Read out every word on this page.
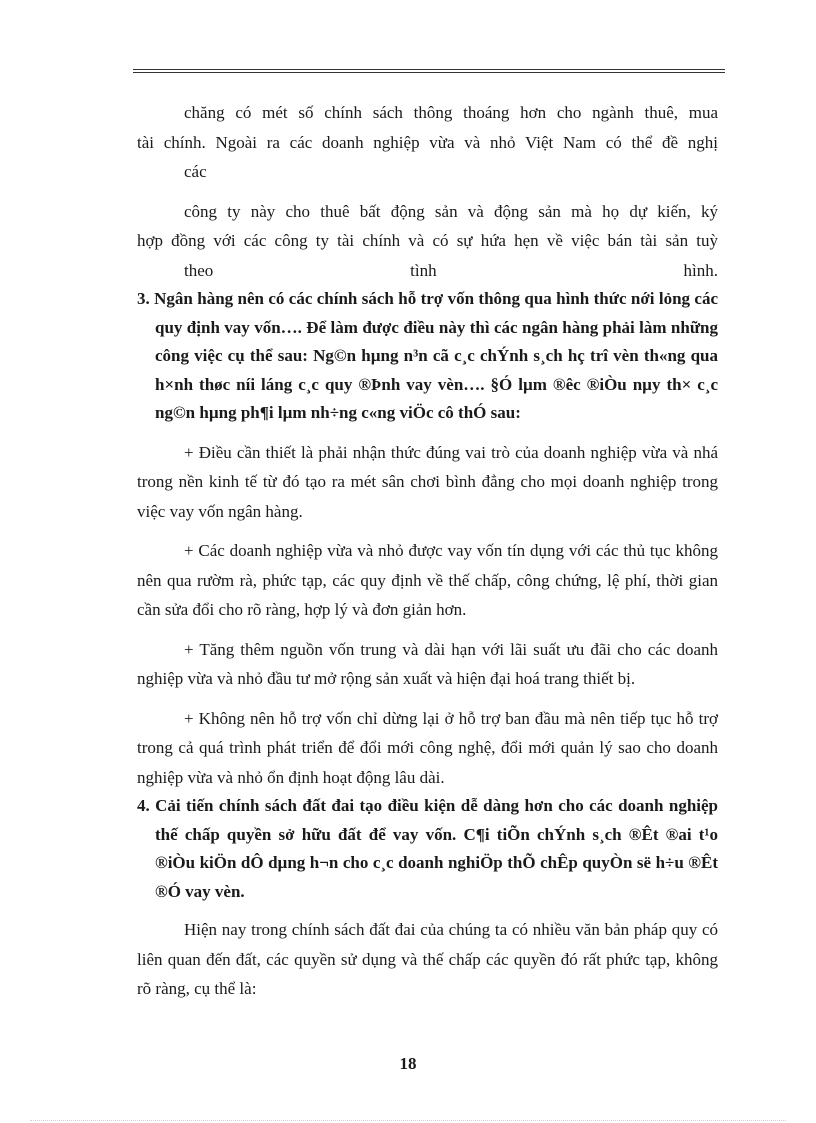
chăng có mét số chính sách thông thoáng hơn cho ngành thuê, mua
tài chính. Ngoài ra các doanh nghiệp vừa và nhỏ Việt Nam có thể đề nghị
các

công ty này cho thuê bất động sản và động sản mà họ dự kiến, ký
hợp đồng với các công ty tài chính và có sự hứa hẹn về việc bán tài sản tuỳ
theo	tình	hình.

3. Ngân hàng nên có các chính sách hỗ trợ vốn thông qua hình thức nới lỏng các quy định vay vốn…. Để làm được điều này thì các ngân hàng phải làm những công việc cụ thể sau: Ng©n hµng n³n cã c¸c chÝnh s¸ch hç trî vèn th«ng qua h×nh thøc níi láng c¸c quy ®Þnh vay vèn…. §Ó lµm ®êc ®iÒu nµy th× c¸c ng©n hµng ph¶i lµm nh÷ng c«ng viÖc cô thÓ sau:

+ Điều cần thiết là phải nhận thức đúng vai trò của doanh nghiệp vừa và nhá trong nền kinh tế từ đó tạo ra mét sân chơi bình đẳng cho mọi doanh nghiệp trong việc vay vốn ngân hàng.

+ Các doanh nghiệp vừa và nhỏ được vay vốn tín dụng với các thủ tục không nên qua rườm rà, phức tạp, các quy định về thế chấp, công chứng, lệ phí, thời gian cần sửa đổi cho rõ ràng, hợp lý và đơn giản hơn.

+ Tăng thêm nguồn vốn trung và dài hạn với lãi suất ưu đãi cho các doanh nghiệp vừa và nhỏ đầu tư mở rộng sản xuất và hiện đại hoá trang thiết bị.

+ Không nên hỗ trợ vốn chỉ dừng lại ở hỗ trợ ban đầu mà nên tiếp tục hỗ trợ trong cả quá trình phát triển để đổi mới công nghệ, đổi mới quản lý sao cho doanh nghiệp vừa và nhỏ ổn định hoạt động lâu dài.

4. Cải tiến chính sách đất đai tạo điều kiện dễ dàng hơn cho các doanh nghiệp thế chấp quyền sở hữu đất để vay vốn. C¶i tiÕn chÝnh s¸ch ®Êt ®ai t¹o ®iÒu kiÖn dÔ dµng h¬n cho c¸c doanh nghiÖp thÕ chÊp quyÒn së h÷u ®Êt ®Ó vay vèn.

Hiện nay trong chính sách đất đai của chúng ta có nhiều văn bản pháp quy có liên quan đến đất, các quyền sử dụng và thế chấp các quyền đó rất phức tạp, không rõ ràng, cụ thể là:

18
